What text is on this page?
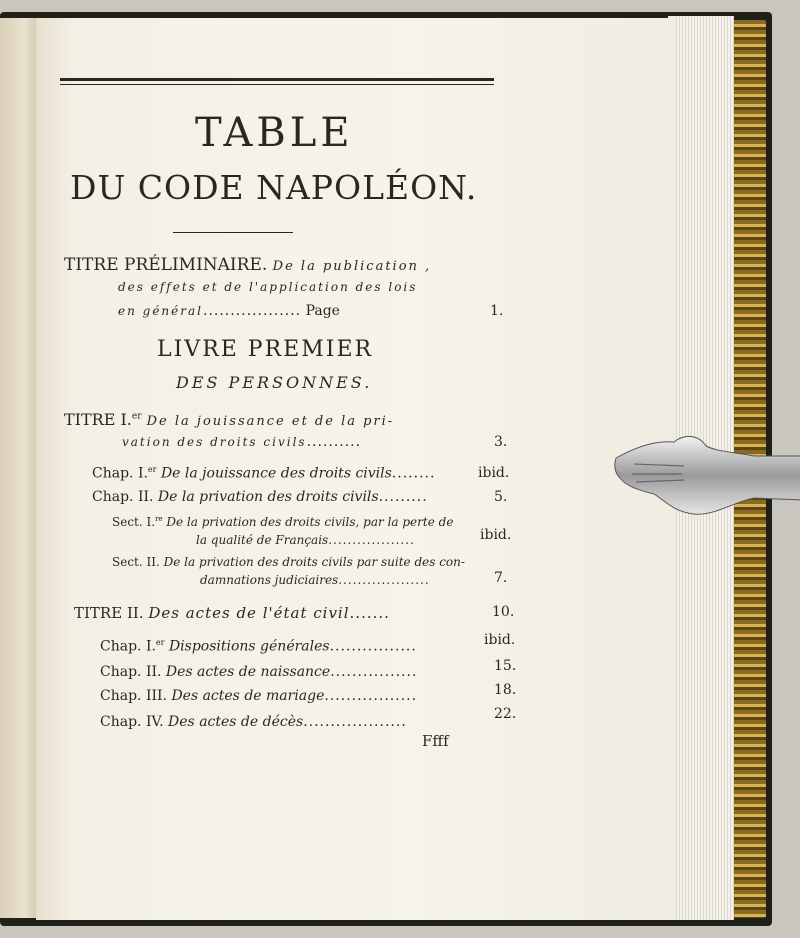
TABLE
DU CODE NAPOLÉON.
TITRE PRÉLIMINAIRE. De la publication ,
des effets et de l'application des lois
en général.................. Page	1.
LIVRE PREMIER
DES PERSONNES.
TITRE I.$^{er}$ De la jouissance et de la pri-
vation des droits civils..........	3.
Chap. I.$^{er}$ De la jouissance des droits civils........	ibid.
Chap. II. De la privation des droits civils.........	5.
Sect. I.$^{re}$ De la privation des droits civils, par la perte de
la qualité de Français..................	ibid.
Sect. II. De la privation des droits civils par suite des con-
damnations judiciaires...................	7.
TITRE II. Des actes de l'état civil.......	10.
Chap. I.$^{er}$ Dispositions générales................	ibid.
Chap. II. Des actes de naissance................	15.
Chap. III. Des actes de mariage.................	18.
Chap. IV. Des actes de décès...................	22.
Ffff
